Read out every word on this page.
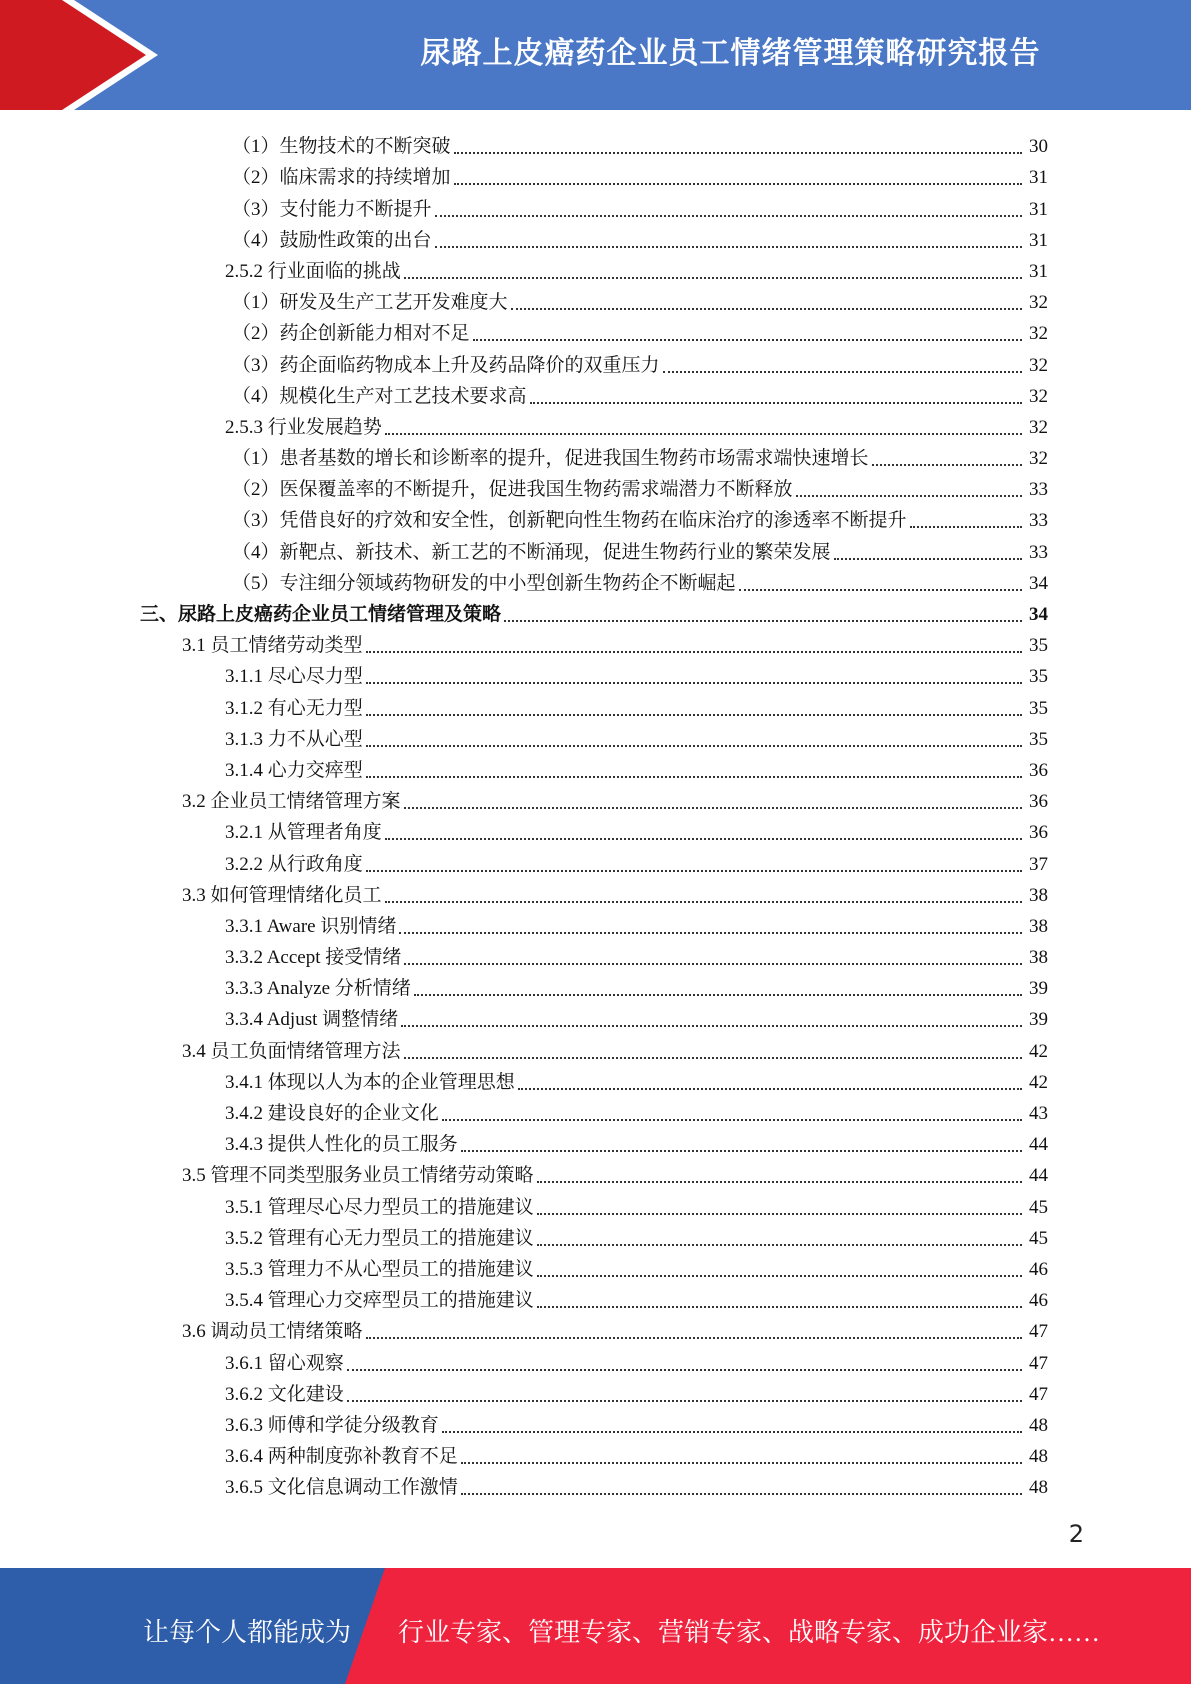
尿路上皮癌药企业员工情绪管理策略研究报告
（1）生物技术的不断突破	30
（2）临床需求的持续增加	31
（3）支付能力不断提升	31
（4）鼓励性政策的出台	31
2.5.2 行业面临的挑战	31
（1）研发及生产工艺开发难度大	32
（2）药企创新能力相对不足	32
（3）药企面临药物成本上升及药品降价的双重压力	32
（4）规模化生产对工艺技术要求高	32
2.5.3 行业发展趋势	32
（1）患者基数的增长和诊断率的提升，促进我国生物药市场需求端快速增长	32
（2）医保覆盖率的不断提升，促进我国生物药需求端潜力不断释放	33
（3）凭借良好的疗效和安全性，创新靶向性生物药在临床治疗的渗透率不断提升	33
（4）新靶点、新技术、新工艺的不断涌现，促进生物药行业的繁荣发展	33
（5）专注细分领域药物研发的中小型创新生物药企不断崛起	34
三、尿路上皮癌药企业员工情绪管理及策略	34
3.1 员工情绪劳动类型	35
3.1.1 尽心尽力型	35
3.1.2 有心无力型	35
3.1.3 力不从心型	35
3.1.4 心力交瘁型	36
3.2 企业员工情绪管理方案	36
3.2.1 从管理者角度	36
3.2.2 从行政角度	37
3.3 如何管理情绪化员工	38
3.3.1 Aware 识别情绪	38
3.3.2 Accept 接受情绪	38
3.3.3 Analyze 分析情绪	39
3.3.4 Adjust 调整情绪	39
3.4 员工负面情绪管理方法	42
3.4.1 体现以人为本的企业管理思想	42
3.4.2 建设良好的企业文化	43
3.4.3 提供人性化的员工服务	44
3.5 管理不同类型服务业员工情绪劳动策略	44
3.5.1 管理尽心尽力型员工的措施建议	45
3.5.2 管理有心无力型员工的措施建议	45
3.5.3 管理力不从心型员工的措施建议	46
3.5.4 管理心力交瘁型员工的措施建议	46
3.6 调动员工情绪策略	47
3.6.1 留心观察	47
3.6.2 文化建设	47
3.6.3 师傅和学徒分级教育	48
3.6.4 两种制度弥补教育不足	48
3.6.5 文化信息调动工作激情	48
2
让每个人都能成为 行业专家、管理专家、营销专家、战略专家、成功企业家……
